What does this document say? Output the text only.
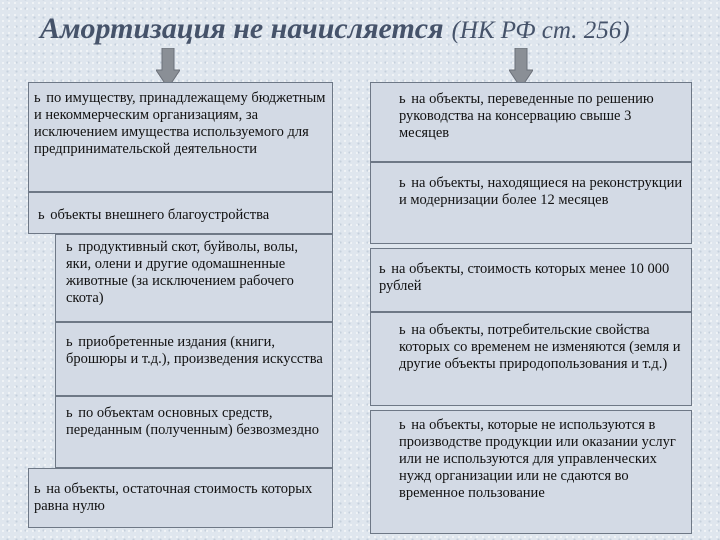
Амортизация не начисляется (НК РФ ст. 256)
ь по имуществу, принадлежащему бюджетным и некоммерческим организациям, за исключением имущества используемого для предпринимательской деятельности
ь объекты внешнего благоустройства
ь продуктивный скот, буйволы, волы, яки, олени и другие одомашненные животные (за исключением рабочего скота)
ь приобретенные издания (книги, брошюры и т.д.), произведения искусства
ь по объектам основных средств, переданным (полученным) безвозмездно
ь на объекты, остаточная стоимость которых равна нулю
ь на объекты, переведенные по решению руководства на консервацию свыше 3 месяцев
ь на объекты, находящиеся на реконструкции и модернизации более 12 месяцев
ь на объекты, стоимость которых менее 10 000 рублей
ь на объекты, потребительские свойства которых со временем не изменяются (земля и другие объекты природопользования и т.д.)
ь на объекты, которые не используются в производстве продукции или оказании услуг или не используются для управленческих нужд организации или не сдаются во временное пользование
